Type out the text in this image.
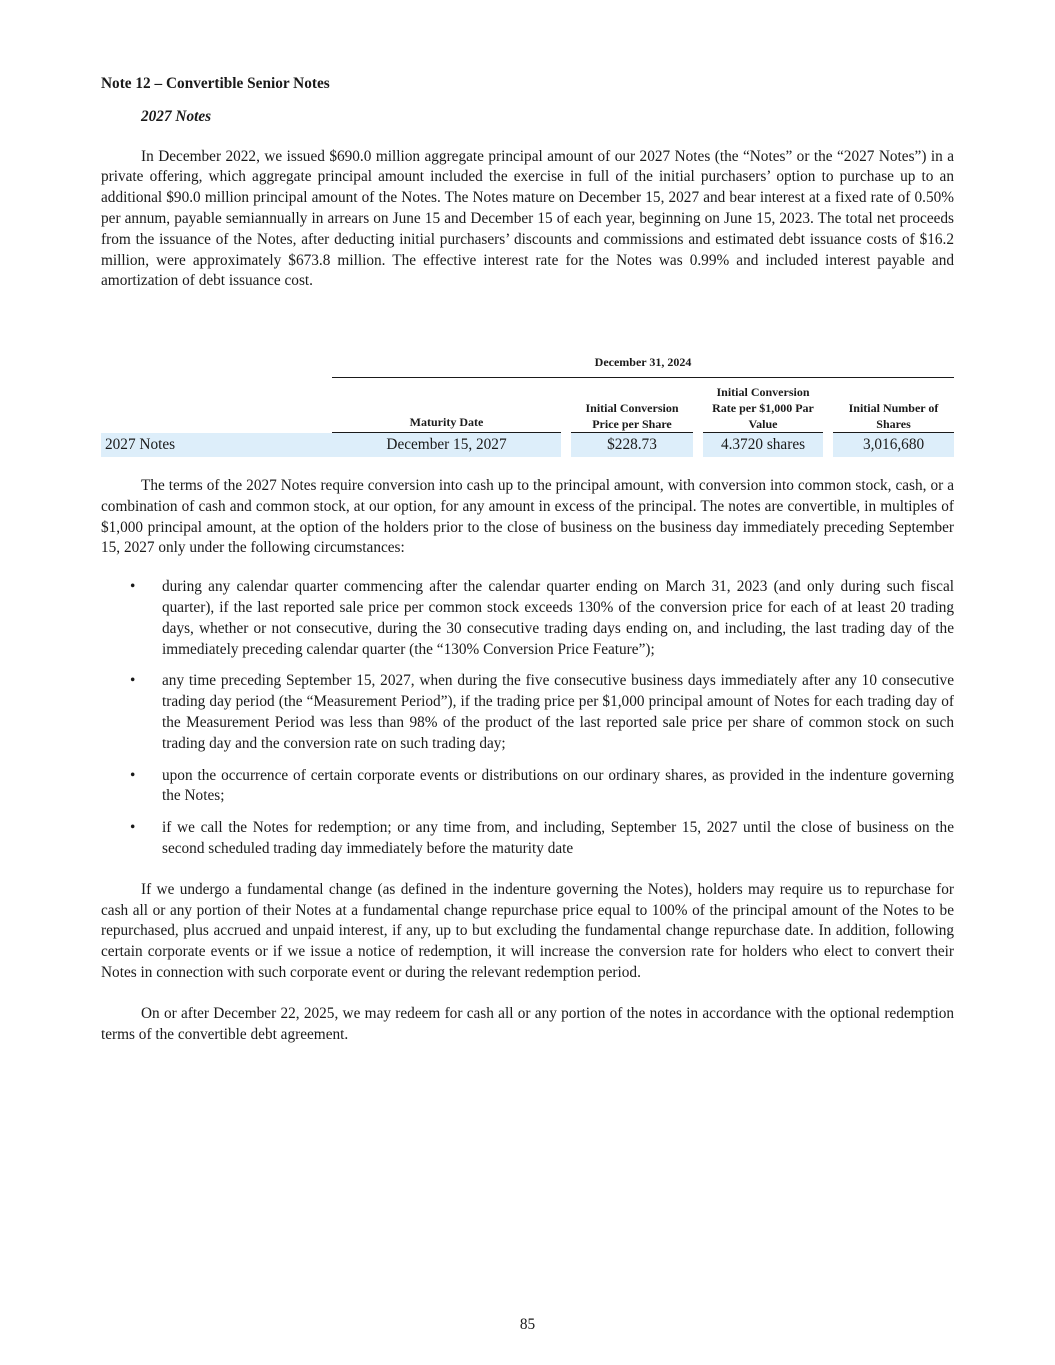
Note 12 – Convertible Senior Notes
2027 Notes

In December 2022, we issued $690.0 million aggregate principal amount of our 2027 Notes (the “Notes” or the “2027 Notes”) in a private offering, which aggregate principal amount included the exercise in full of the initial purchasers’ option to purchase up to an additional $90.0 million principal amount of the Notes. The Notes mature on December 15, 2027 and bear interest at a fixed rate of 0.50% per annum, payable semiannually in arrears on June 15 and December 15 of each year, beginning on June 15, 2023. The total net proceeds from the issuance of the Notes, after deducting initial purchasers’ discounts and commissions and estimated debt issuance costs of $16.2 million, were approximately $673.8 million. The effective interest rate for the Notes was 0.99% and included interest payable and amortization of debt issuance cost.

	December 31, 2024						

	Maturity Date		Initial Conversion Price per Share		Initial Conversion Rate per $1,000 Par Value		Initial Number of Shares

2027 Notes	December 15, 2027		$228.73		4.3720 shares		3,016,680

The terms of the 2027 Notes require conversion into cash up to the principal amount, with conversion into common stock, cash, or a combination of cash and common stock, at our option, for any amount in excess of the principal. The notes are convertible, in multiples of $1,000 principal amount, at the option of the holders prior to the close of business on the business day immediately preceding September 15, 2027 only under the following circumstances:

• during any calendar quarter commencing after the calendar quarter ending on March 31, 2023 (and only during such fiscal quarter), if the last reported sale price per common stock exceeds 130% of the conversion price for each of at least 20 trading days, whether or not consecutive, during the 30 consecutive trading days ending on, and including, the last trading day of the immediately preceding calendar quarter (the “130% Conversion Price Feature”);
• any time preceding September 15, 2027, when during the five consecutive business days immediately after any 10 consecutive trading day period (the “Measurement Period”), if the trading price per $1,000 principal amount of Notes for each trading day of the Measurement Period was less than 98% of the product of the last reported sale price per share of common stock on such trading day and the conversion rate on such trading day;
• upon the occurrence of certain corporate events or distributions on our ordinary shares, as provided in the indenture governing the Notes;
• if we call the Notes for redemption; or any time from, and including, September 15, 2027 until the close of business on the second scheduled trading day immediately before the maturity date

If we undergo a fundamental change (as defined in the indenture governing the Notes), holders may require us to repurchase for cash all or any portion of their Notes at a fundamental change repurchase price equal to 100% of the principal amount of the Notes to be repurchased, plus accrued and unpaid interest, if any, up to but excluding the fundamental change repurchase date. In addition, following certain corporate events or if we issue a notice of redemption, it will increase the conversion rate for holders who elect to convert their Notes in connection with such corporate event or during the relevant redemption period.

On or after December 22, 2025, we may redeem for cash all or any portion of the notes in accordance with the optional redemption terms of the convertible debt agreement.

85
